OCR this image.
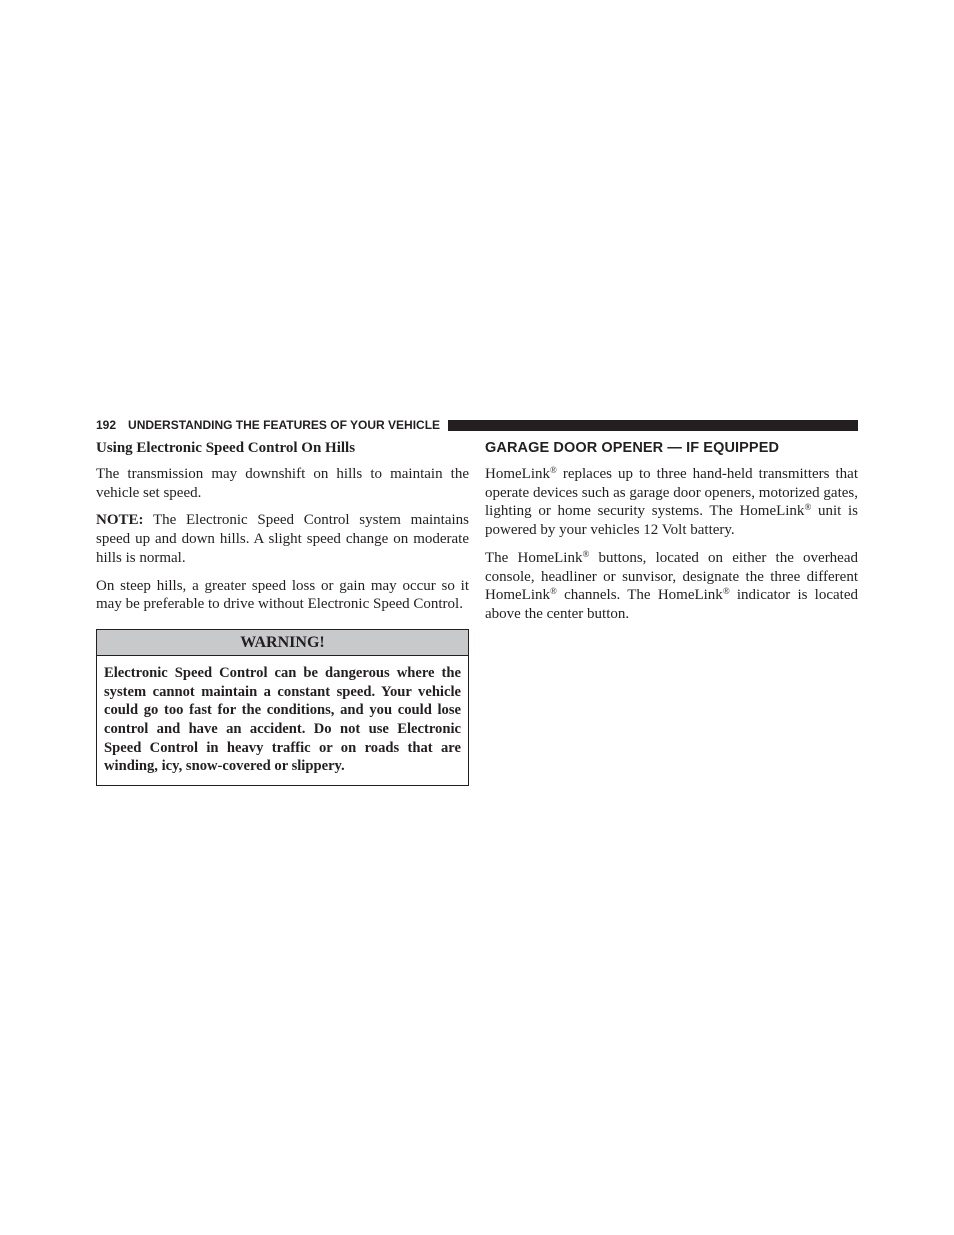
192 UNDERSTANDING THE FEATURES OF YOUR VEHICLE
Using Electronic Speed Control On Hills

The transmission may downshift on hills to maintain the vehicle set speed.

NOTE: The Electronic Speed Control system maintains speed up and down hills. A slight speed change on moderate hills is normal.

On steep hills, a greater speed loss or gain may occur so it may be preferable to drive without Electronic Speed Control.

WARNING!
Electronic Speed Control can be dangerous where the system cannot maintain a constant speed. Your vehicle could go too fast for the conditions, and you could lose control and have an accident. Do not use Electronic Speed Control in heavy traffic or on roads that are winding, icy, snow-covered or slippery.
GARAGE DOOR OPENER — IF EQUIPPED

HomeLink® replaces up to three hand-held transmitters that operate devices such as garage door openers, motorized gates, lighting or home security systems. The HomeLink® unit is powered by your vehicles 12 Volt battery.

The HomeLink® buttons, located on either the overhead console, headliner or sunvisor, designate the three different HomeLink® channels. The HomeLink® indicator is located above the center button.
